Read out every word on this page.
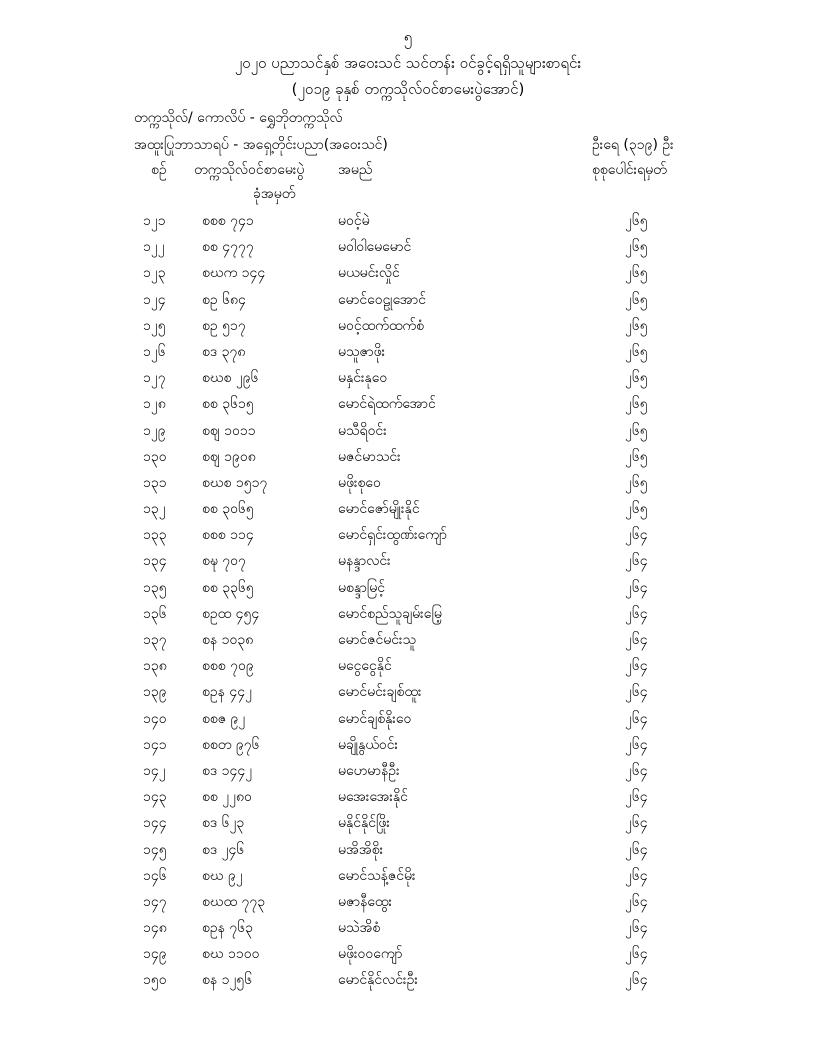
၅
၂၀၂၀ ပညာသင်နှစ် အဝေးသင် သင်တန်း ဝင်ခွင့်ရရှိသူများစာရင်း
(၂၀၁၉ ခုနှစ် တက္ကသိုလ်ဝင်စာမေးပွဲအောင်)
တက္ကသိုလ်/ ကောလိပ် - ရွှေဘိုတက္ကသိုလ်
အထူးပြုဘာသာရပ် - အရှေ့တိုင်းပညာ(အဝေးသင်)	ဦးရေ (၃၁၉) ဦး
စဉ် တက္ကသိုလ်ဝင်စာမေးပွဲ
ခုံအမှတ်
အမည်	စုစုပေါင်းရမှတ်
၁၂၁	စစစ ၇၄၁	မဝင့်မဲ	၂၆၅
၁၂၂	စစ ၄၇၇၇	မဝါဝါမေမောင်	၂၆၅
၁၂၃	စဃက ၁၄၄	မယမင်းလှိုင်	၂၆၅
၁၂၄	စဥ ၆၈၄	မောင်ဝေဠုအောင်	၂၆၅
၁၂၅	စဥ ၅၁၇	မဝင့်ထက်ထက်စံ	၂၆၅
၁၂၆	စဒ ၃၇၈	မသူဇာဖိုး	၂၆၅
၁၂၇	စဃစ ၂၉၆	မနှင်းနုဝေ	၂၆၅
၁၂၈	စစ ၃၆၁၅	မောင်ရဲထက်အောင်	၂၆၅
၁၂၉	စဈ ၁၀၁၁	မသီရိဝင်း	၂၆၅
၁၃၀	စဈ ၁၉၀၈	မဇင်မာသင်း	၂၆၅
၁၃၁	စဃစ ၁၅၁၇	မဖိုးစုဝေ	၂၆၅
၁၃၂	စစ ၃၀၆၅	မောင်ဇော်မျိုးနိုင်	၂၆၅
၁၃၃	စစစ ၁၁၄	မောင်ရှင်းထွဏ်းကျော်	၂၆၄
၁၃၄	စဍ္ဎ ၇၀၇	မနန္ဒာလင်း	၂၆၄
၁၃၅	စစ ၃၃၆၅	မစန္ဒာမြင့်	၂၆၄
၁၃၆	စဥထ ၄၅၄	မောင်စည်သူချမ်းမြေ့	၂၆၄
၁၃၇	စန ၁၀၃၈	မောင်ဇင်မင်းသူ	၂၆၄
၁၃၈	စစစ ၇၀၉	မငွေငွေနိုင်	၂၆၄
၁၃၉	စဥန ၄၄၂	မောင်မင်းချစ်ထူး	၂၆၄
၁၄၀	စစဇ ၉၂	မောင်ချစ်နိုးဝေ	၂၆၄
၁၄၁	စစတ ၉၇၆	မချိုနွယ်ဝင်း	၂၆၄
၁၄၂	စဒ ၁၄၄၂	မဟေမာနီဦး	၂၆၄
၁၄၃	စစ ၂၂၈၀	မအေးအေးနိုင်	၂၆၄
၁၄၄	စဒ ၆၂၃	မနိုင်နိုင်ဖြိုး	၂၆၄
၁၄၅	စဒ ၂၄၆	မအိအိစိုး	၂၆၄
၁၄၆	စဃ ၉၂	မောင်သန့်ဇင်မိုး	၂၆၄
၁၄၇	စဃထ ၇၇၃	မဇာနီထွေး	၂၆၄
၁၄၈	စဥန ၇၆၃	မသဲအိစံ	၂၆၄
၁၄၉	စဃ ၁၁၀၀	မဖိုးဝဝကျော်	၂၆၄
၁၅၀	စန ၁၂၅၆	မောင်နိုင်လင်းဦး	၂၆၄
